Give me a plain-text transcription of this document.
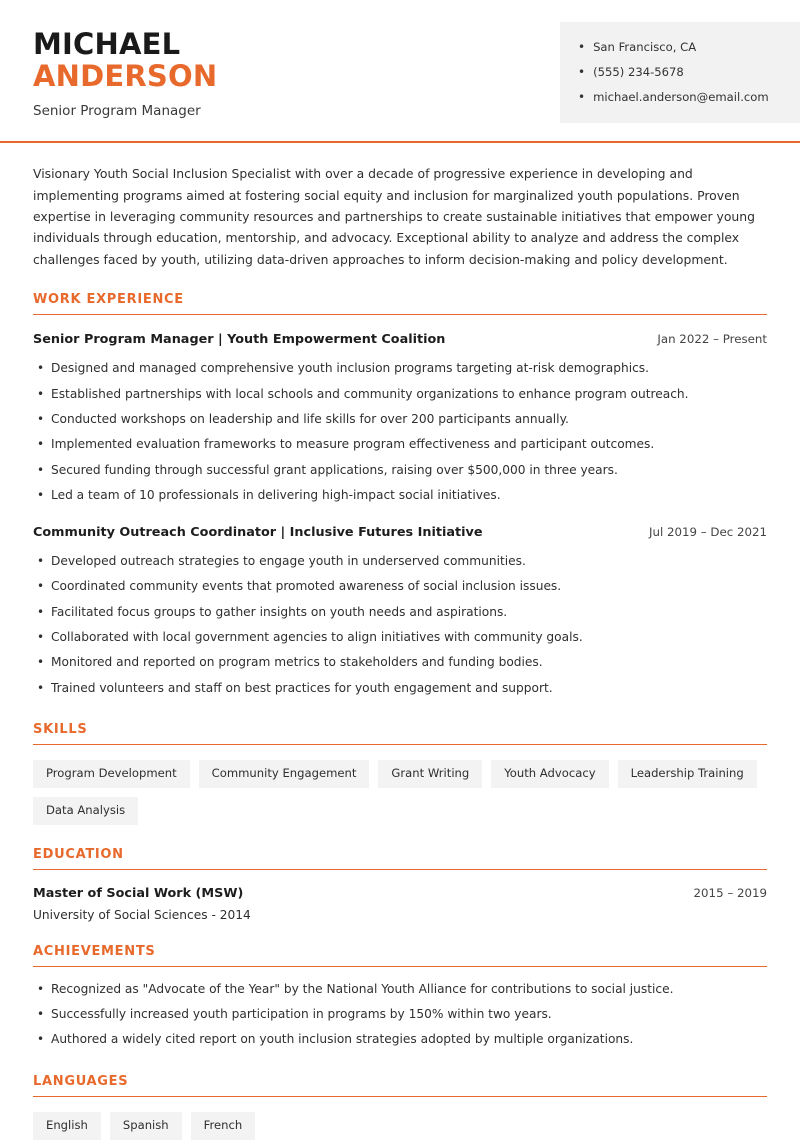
MICHAEL
ANDERSON
Senior Program Manager
• San Francisco, CA
• (555) 234-5678
• michael.anderson@email.com
Visionary Youth Social Inclusion Specialist with over a decade of progressive experience in developing and implementing programs aimed at fostering social equity and inclusion for marginalized youth populations. Proven expertise in leveraging community resources and partnerships to create sustainable initiatives that empower young individuals through education, mentorship, and advocacy. Exceptional ability to analyze and address the complex challenges faced by youth, utilizing data-driven approaches to inform decision-making and policy development.
WORK EXPERIENCE
Senior Program Manager | Youth Empowerment Coalition	Jan 2022 – Present
• Designed and managed comprehensive youth inclusion programs targeting at-risk demographics.
• Established partnerships with local schools and community organizations to enhance program outreach.
• Conducted workshops on leadership and life skills for over 200 participants annually.
• Implemented evaluation frameworks to measure program effectiveness and participant outcomes.
• Secured funding through successful grant applications, raising over $500,000 in three years.
• Led a team of 10 professionals in delivering high-impact social initiatives.
Community Outreach Coordinator | Inclusive Futures Initiative	Jul 2019 – Dec 2021
• Developed outreach strategies to engage youth in underserved communities.
• Coordinated community events that promoted awareness of social inclusion issues.
• Facilitated focus groups to gather insights on youth needs and aspirations.
• Collaborated with local government agencies to align initiatives with community goals.
• Monitored and reported on program metrics to stakeholders and funding bodies.
• Trained volunteers and staff on best practices for youth engagement and support.
SKILLS
Program Development	Community Engagement	Grant Writing	Youth Advocacy	Leadership Training
Data Analysis
EDUCATION
Master of Social Work (MSW)	2015 – 2019
University of Social Sciences - 2014
ACHIEVEMENTS
• Recognized as "Advocate of the Year" by the National Youth Alliance for contributions to social justice.
• Successfully increased youth participation in programs by 150% within two years.
• Authored a widely cited report on youth inclusion strategies adopted by multiple organizations.
LANGUAGES
English	Spanish	French
